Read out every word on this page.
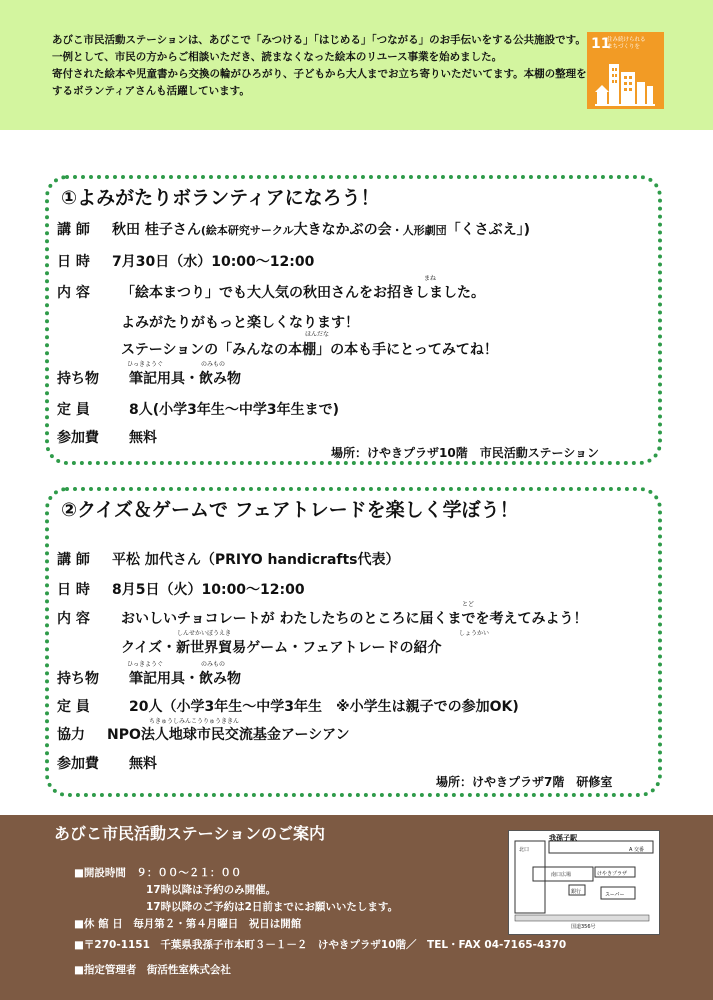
あびこ市民活動ステーションは、あびこで「みつける」「はじめる」「つながる」のお手伝いをする公共施設です。

一例として、市民の方からご相談いただき、読まなくなった絵本のリユース事業を始めました。

寄付された絵本や児童書から交換の輪がひろがり、子どもから大人までお立ち寄りいただいてます。本棚の整理をするボランティアさんも活躍しています。

11
住み続けられる
まちづくりを
①よみがたりボランティアになろう！
講 師 秋田 桂子さん(絵本研究サークル大きなかぶの会・人形劇団「くさぶえ」)
日 時 7月30日（水）10:00〜12:00
内 容
まね
「絵本まつり」でも大人気の秋田さんをお招きしました。
よみがたりがもっと楽しくなります！
ほんだな
ステーションの「みんなの本棚」の本も手にとってみてね！
ひっきようぐ	のみもの
持ち物 筆記用具・飲み物
定 員	8人(小学3年生〜中学3年生まで)
参加費 無料
場所：けやきプラザ10階　市民活動ステーション
②クイズ＆ゲームで フェアトレードを楽しく学ぼう！
講 師 平松 加代さん（PRIYO handicrafts代表）
日 時 8月5日（火）10:00〜12:00
とど
内 容	おいしいチョコレートが わたしたちのところに届くまでを考えてみよう！
しんせかいぼうえき	しょうかい
クイズ・新世界貿易ゲーム・フェアトレードの紹介
ひっきようぐ	のみもの
持ち物 筆記用具・飲み物
定 員	20人（小学3年生〜中学3年生　※小学生は親子での参加OK)
ちきゅうしみんこうりゅうききん
協力 NPO法人地球市民交流基金アーシアン
参加費 無料
場所：けやきプラザ7階　研修室
あびこ市民活動ステーションのご案内
■開設時間　９：００〜２１：００
17時以降は予約のみ開催。
17時以降のご予約は2日前までにお願いいたします。
■休 館 日　毎月第２・第４月曜日　祝日は開館
■〒270-1151　千葉県我孫子市本町３－１－２　けやきプラザ10階／　TEL・FAX 04-7165-4370
■指定管理者　街活性室株式会社
我孫子駅
北口	A 交番
南口広場	けやきプラザ
銀行	スーパー
国道356号
